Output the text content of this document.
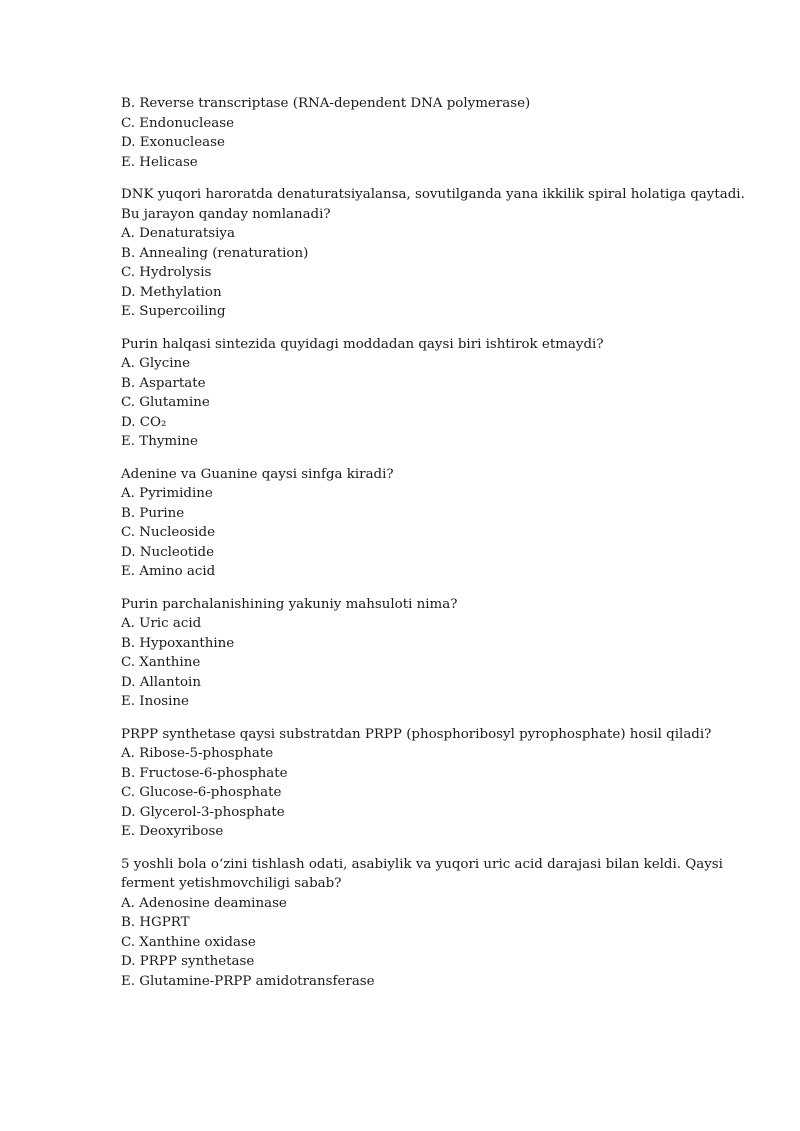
B. Reverse transcriptase (RNA-dependent DNA polymerase)
C. Endonuclease
D. Exonuclease
E. Helicase
DNK yuqori haroratda denaturatsiyalansa, sovutilganda yana ikkilik spiral holatiga qaytadi.
Bu jarayon qanday nomlanadi?
A. Denaturatsiya
B. Annealing (renaturation)
C. Hydrolysis
D. Methylation
E. Supercoiling
Purin halqasi sintezida quyidagi moddadan qaysi biri ishtirok etmaydi?
A. Glycine
B. Aspartate
C. Glutamine
D. CO₂
E. Thymine
Adenine va Guanine qaysi sinfga kiradi?
A. Pyrimidine
B. Purine
C. Nucleoside
D. Nucleotide
E. Amino acid
Purin parchalanishining yakuniy mahsuloti nima?
A. Uric acid
B. Hypoxanthine
C. Xanthine
D. Allantoin
E. Inosine
PRPP synthetase qaysi substratdan PRPP (phosphoribosyl pyrophosphate) hosil qiladi?
A. Ribose-5-phosphate
B. Fructose-6-phosphate
C. Glucose-6-phosphate
D. Glycerol-3-phosphate
E. Deoxyribose
5 yoshli bola o‘zini tishlash odati, asabiylik va yuqori uric acid darajasi bilan keldi. Qaysi
ferment yetishmovchiligi sabab?
A. Adenosine deaminase
B. HGPRT
C. Xanthine oxidase
D. PRPP synthetase
E. Glutamine-PRPP amidotransferase
